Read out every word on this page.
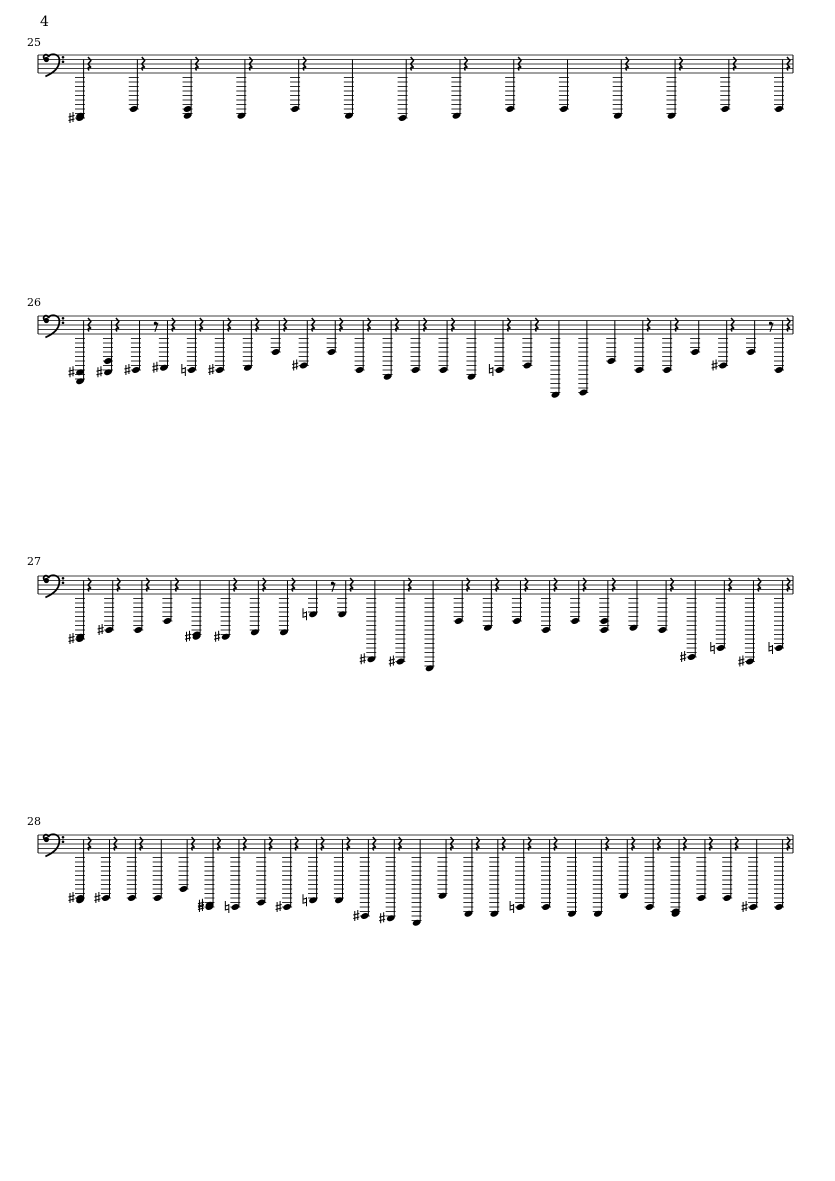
4
25
26
27
28
